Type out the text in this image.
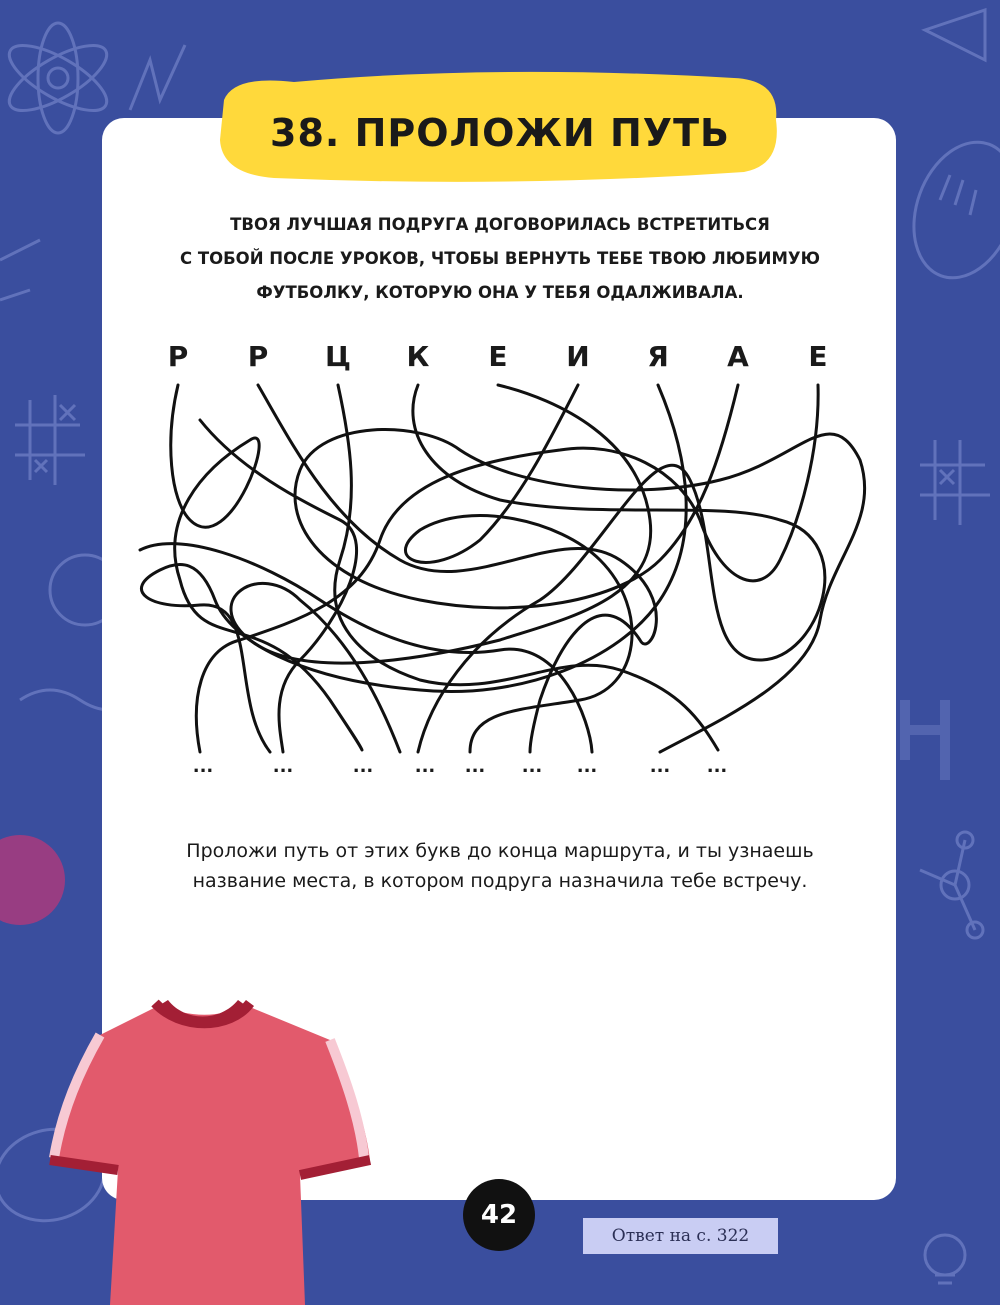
38. ПРОЛОЖИ ПУТЬ
ТВОЯ ЛУЧШАЯ ПОДРУГА ДОГОВОРИЛАСЬ ВСТРЕТИТЬСЯ
С ТОБОЙ ПОСЛЕ УРОКОВ, ЧТОБЫ ВЕРНУТЬ ТЕБЕ ТВОЮ ЛЮБИМУЮ
ФУТБОЛКУ, КОТОРУЮ ОНА У ТЕБЯ ОДАЛЖИВАЛА.
Р	Р	Ц	К	Е	И	Я	А	Е
...	...	...	...	...	...	...	...	...
Проложи путь от этих букв до конца маршрута, и ты узнаешь
название места, в котором подруга назначила тебе встречу.
42
Ответ на с. 322
